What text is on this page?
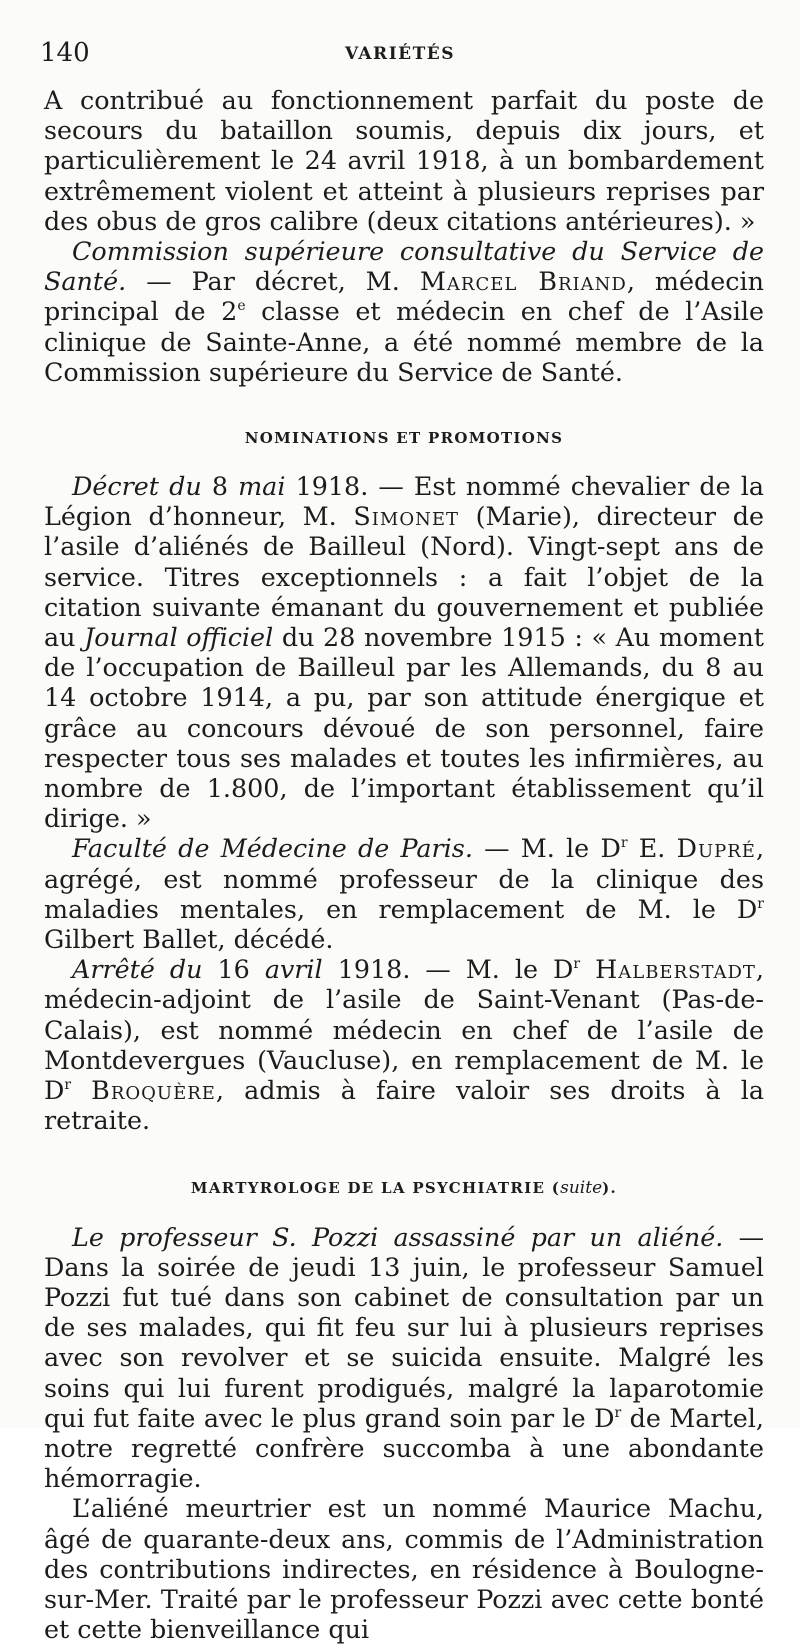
140	VARIÉTÉS

A contribué au fonctionnement parfait du poste de secours du bataillon soumis, depuis dix jours, et particulièrement le 24 avril 1918, à un bombardement extrêmement violent et atteint à plusieurs reprises par des obus de gros calibre (deux citations antérieures). »

Commission supérieure consultative du Service de Santé. — Par décret, M. Marcel Briand, médecin principal de 2e classe et médecin en chef de l’Asile clinique de Sainte-Anne, a été nommé membre de la Commission supérieure du Service de Santé.

NOMINATIONS ET PROMOTIONS

Décret du 8 mai 1918. — Est nommé chevalier de la Légion d’honneur, M. Simonet (Marie), directeur de l’asile d’aliénés de Bailleul (Nord). Vingt-sept ans de service. Titres exceptionnels : a fait l’objet de la citation suivante émanant du gouvernement et publiée au Journal officiel du 28 novembre 1915 : « Au moment de l’occupation de Bailleul par les Allemands, du 8 au 14 octobre 1914, a pu, par son attitude énergique et grâce au concours dévoué de son personnel, faire respecter tous ses malades et toutes les infirmières, au nombre de 1.800, de l’important établissement qu’il dirige. »

Faculté de Médecine de Paris. — M. le $D^r$ E. Dupré, agrégé, est nommé professeur de la clinique des maladies mentales, en remplacement de M. le $D^r$ Gilbert Ballet, décédé.

Arrêté du 16 avril 1918. — M. le $D^r$ Halberstadt, médecin-adjoint de l’asile de Saint-Venant (Pas-de-Calais), est nommé médecin en chef de l’asile de Montdevergues (Vaucluse), en remplacement de M. le $D^r$ Broquère, admis à faire valoir ses droits à la retraite.

MARTYROLOGE DE LA PSYCHIATRIE (suite).

Le professeur S. Pozzi assassiné par un aliéné. — Dans la soirée de jeudi 13 juin, le professeur Samuel Pozzi fut tué dans son cabinet de consultation par un de ses malades, qui fit feu sur lui à plusieurs reprises avec son revolver et se suicida ensuite. Malgré les soins qui lui furent prodigués, malgré la laparotomie qui fut faite avec le plus grand soin par le $D^r$ de Martel, notre regretté confrère succomba à une abondante hémorragie.

L’aliéné meurtrier est un nommé Maurice Machu, âgé de quarante-deux ans, commis de l’Administration des contributions indirectes, en résidence à Boulogne-sur-Mer. Traité par le professeur Pozzi avec cette bonté et cette bienveillance qui
